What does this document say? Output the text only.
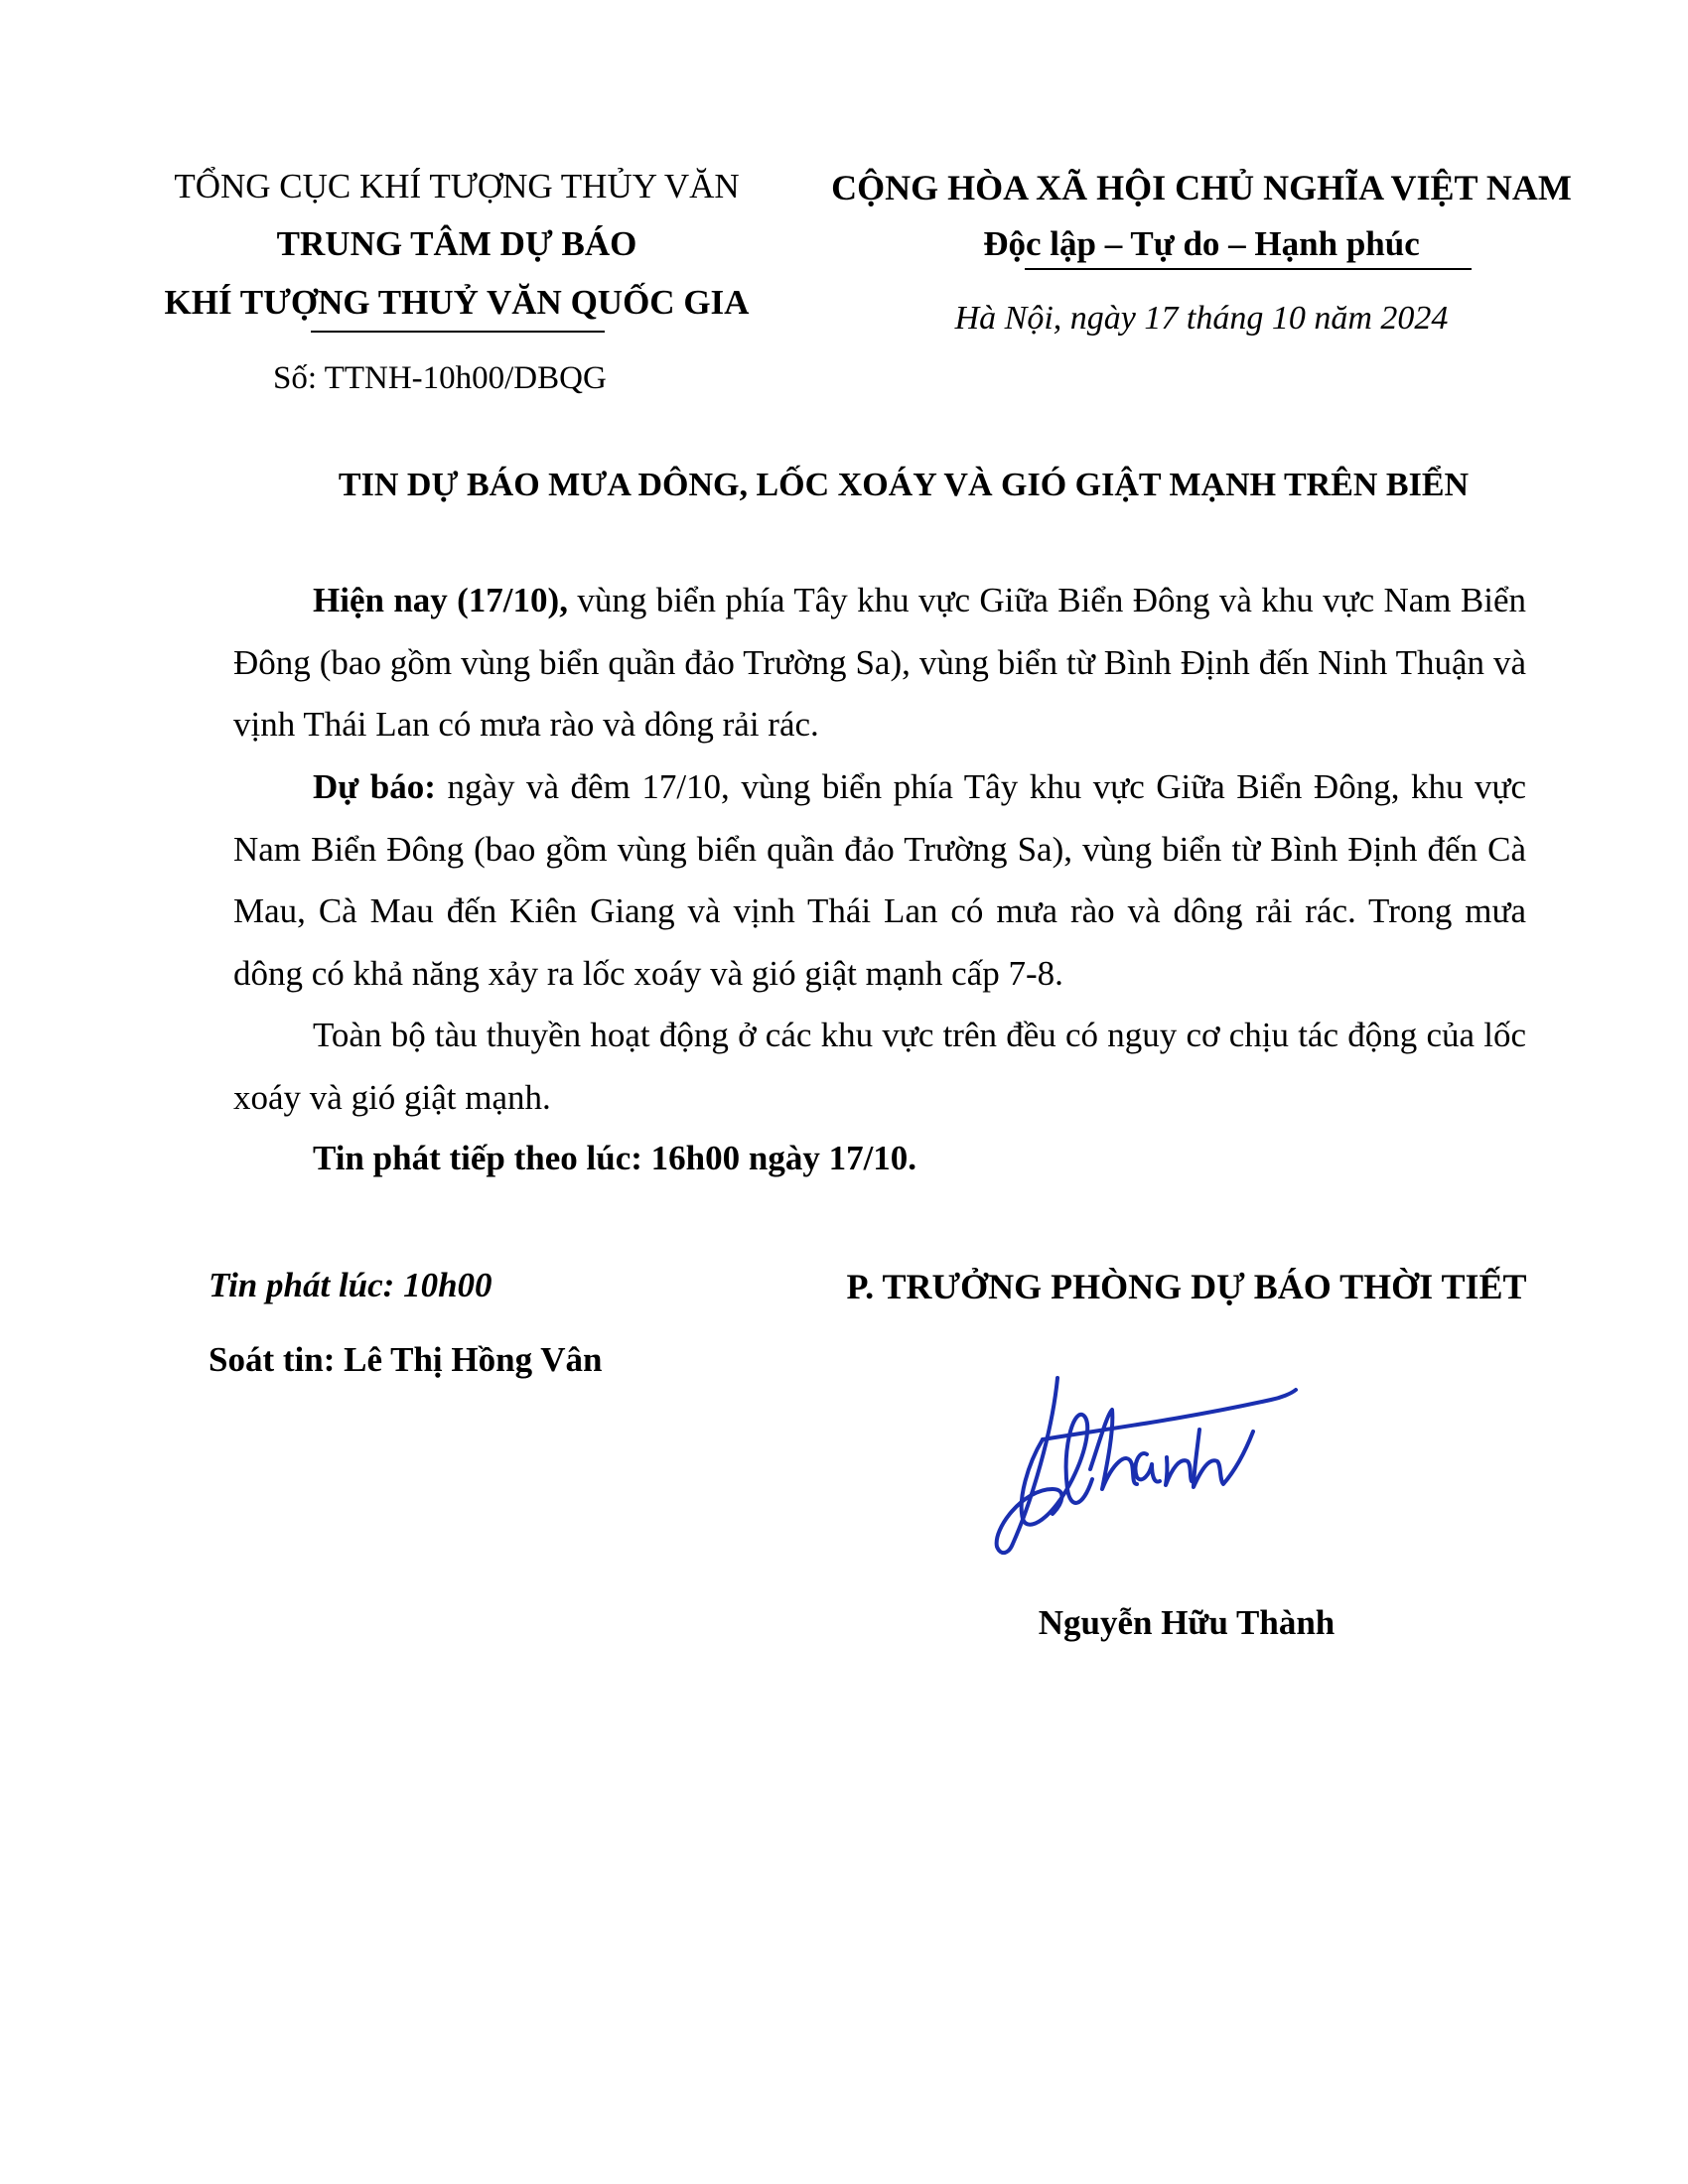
TỔNG CỤC KHÍ TƯỢNG THỦY VĂN
TRUNG TÂM DỰ BÁO
KHÍ TƯỢNG THUỶ VĂN QUỐC GIA
Số: TTNH-10h00/DBQG
CỘNG HÒA XÃ HỘI CHỦ NGHĨA VIỆT NAM
Độc lập – Tự do – Hạnh phúc
Hà Nội, ngày 17 tháng 10 năm 2024
TIN DỰ BÁO MƯA DÔNG, LỐC XOÁY VÀ GIÓ GIẬT MẠNH TRÊN BIỂN

Hiện nay (17/10), vùng biển phía Tây khu vực Giữa Biển Đông và khu vực Nam Biển Đông (bao gồm vùng biển quần đảo Trường Sa), vùng biển từ Bình Định đến Ninh Thuận và vịnh Thái Lan có mưa rào và dông rải rác.

Dự báo: ngày và đêm 17/10, vùng biển phía Tây khu vực Giữa Biển Đông, khu vực Nam Biển Đông (bao gồm vùng biển quần đảo Trường Sa), vùng biển từ Bình Định đến Cà Mau, Cà Mau đến Kiên Giang và vịnh Thái Lan có mưa rào và dông rải rác. Trong mưa dông có khả năng xảy ra lốc xoáy và gió giật mạnh cấp 7-8.

Toàn bộ tàu thuyền hoạt động ở các khu vực trên đều có nguy cơ chịu tác động của lốc xoáy và gió giật mạnh.

Tin phát tiếp theo lúc: 16h00 ngày 17/10.

Tin phát lúc: 10h00
Soát tin: Lê Thị Hồng Vân
P. TRƯỞNG PHÒNG DỰ BÁO THỜI TIẾT
Nguyễn Hữu Thành
